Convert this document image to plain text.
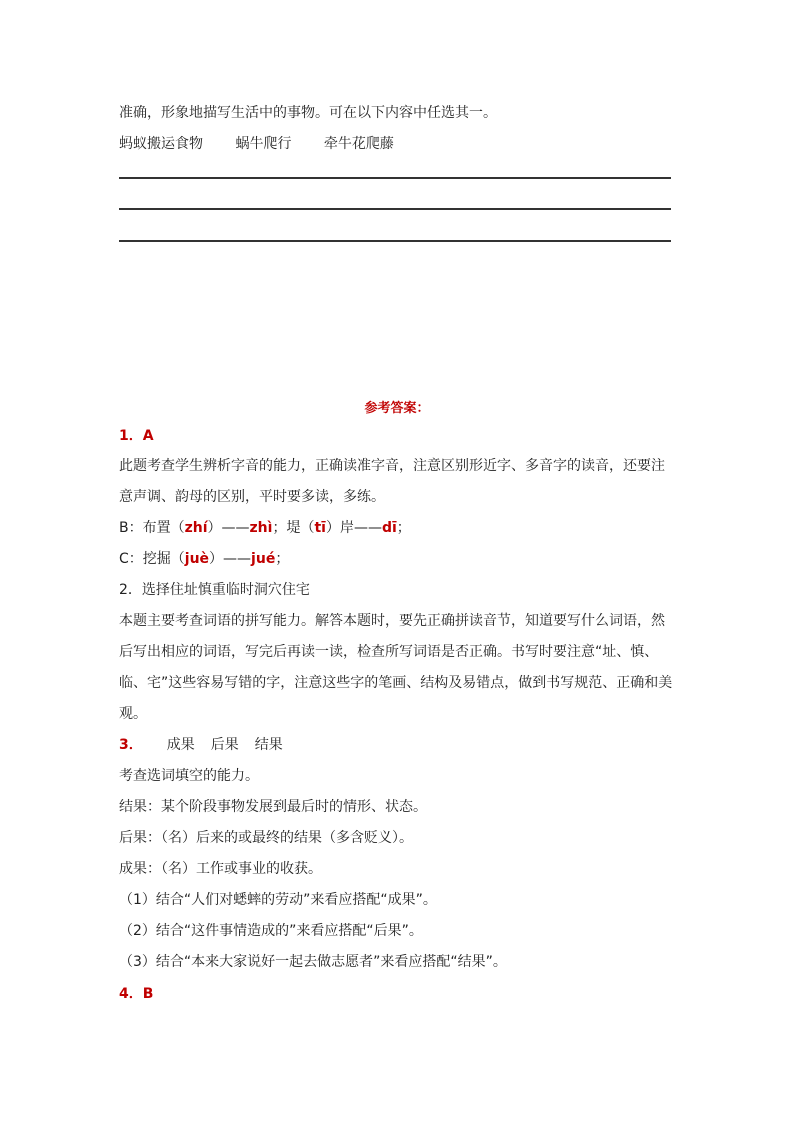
准确，形象地描写生活中的事物。可在以下内容中任选其一。
蚂蚁搬运食物 蜗牛爬行 牵牛花爬藤
参考答案：
1．A
此题考查学生辨析字音的能力，正确读准字音，注意区别形近字、多音字的读音，还要注
意声调、韵母的区别，平时要多读，多练。
B：布置（zhí）——zhì；堤（tī）岸——dī；
C：挖掘（juè）——jué；
2．选择住址慎重临时洞穴住宅
本题主要考查词语的拼写能力。解答本题时，要先正确拼读音节，知道要写什么词语，然
后写出相应的词语，写完后再读一读，检查所写词语是否正确。书写时要注意“址、慎、
临、宅”这些容易写错的字，注意这些字的笔画、结构及易错点，做到书写规范、正确和美
观。
3． 成果 后果 结果
考查选词填空的能力。
结果：某个阶段事物发展到最后时的情形、状态。
后果：（名）后来的或最终的结果（多含贬义）。
成果：（名）工作或事业的收获。
（1）结合“人们对蟋蟀的劳动”来看应搭配“成果”。
（2）结合“这件事情造成的”来看应搭配“后果”。
（3）结合“本来大家说好一起去做志愿者”来看应搭配“结果”。
4．B
